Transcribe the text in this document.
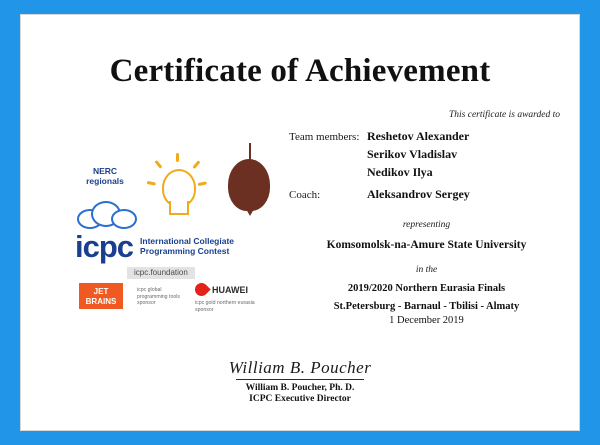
Certificate of Achievement
NERC
regionals
icpc International Collegiate
Programming Contest
icpc.foundation
JET
BRAINS
icpc global programming tools sponsor
HUAWEI
icpc gold northern eurasia sponsor
This certificate is awarded to
Team members: Reshetov Alexander
Serikov Vladislav
Nedikov Ilya
Coach:	Aleksandrov Sergey
representing
Komsomolsk-na-Amure State University
in the
2019/2020 Northern Eurasia Finals
St.Petersburg - Barnaul - Tbilisi - Almaty
1 December 2019
William B. Poucher
William B. Poucher, Ph. D.
ICPC Executive Director
